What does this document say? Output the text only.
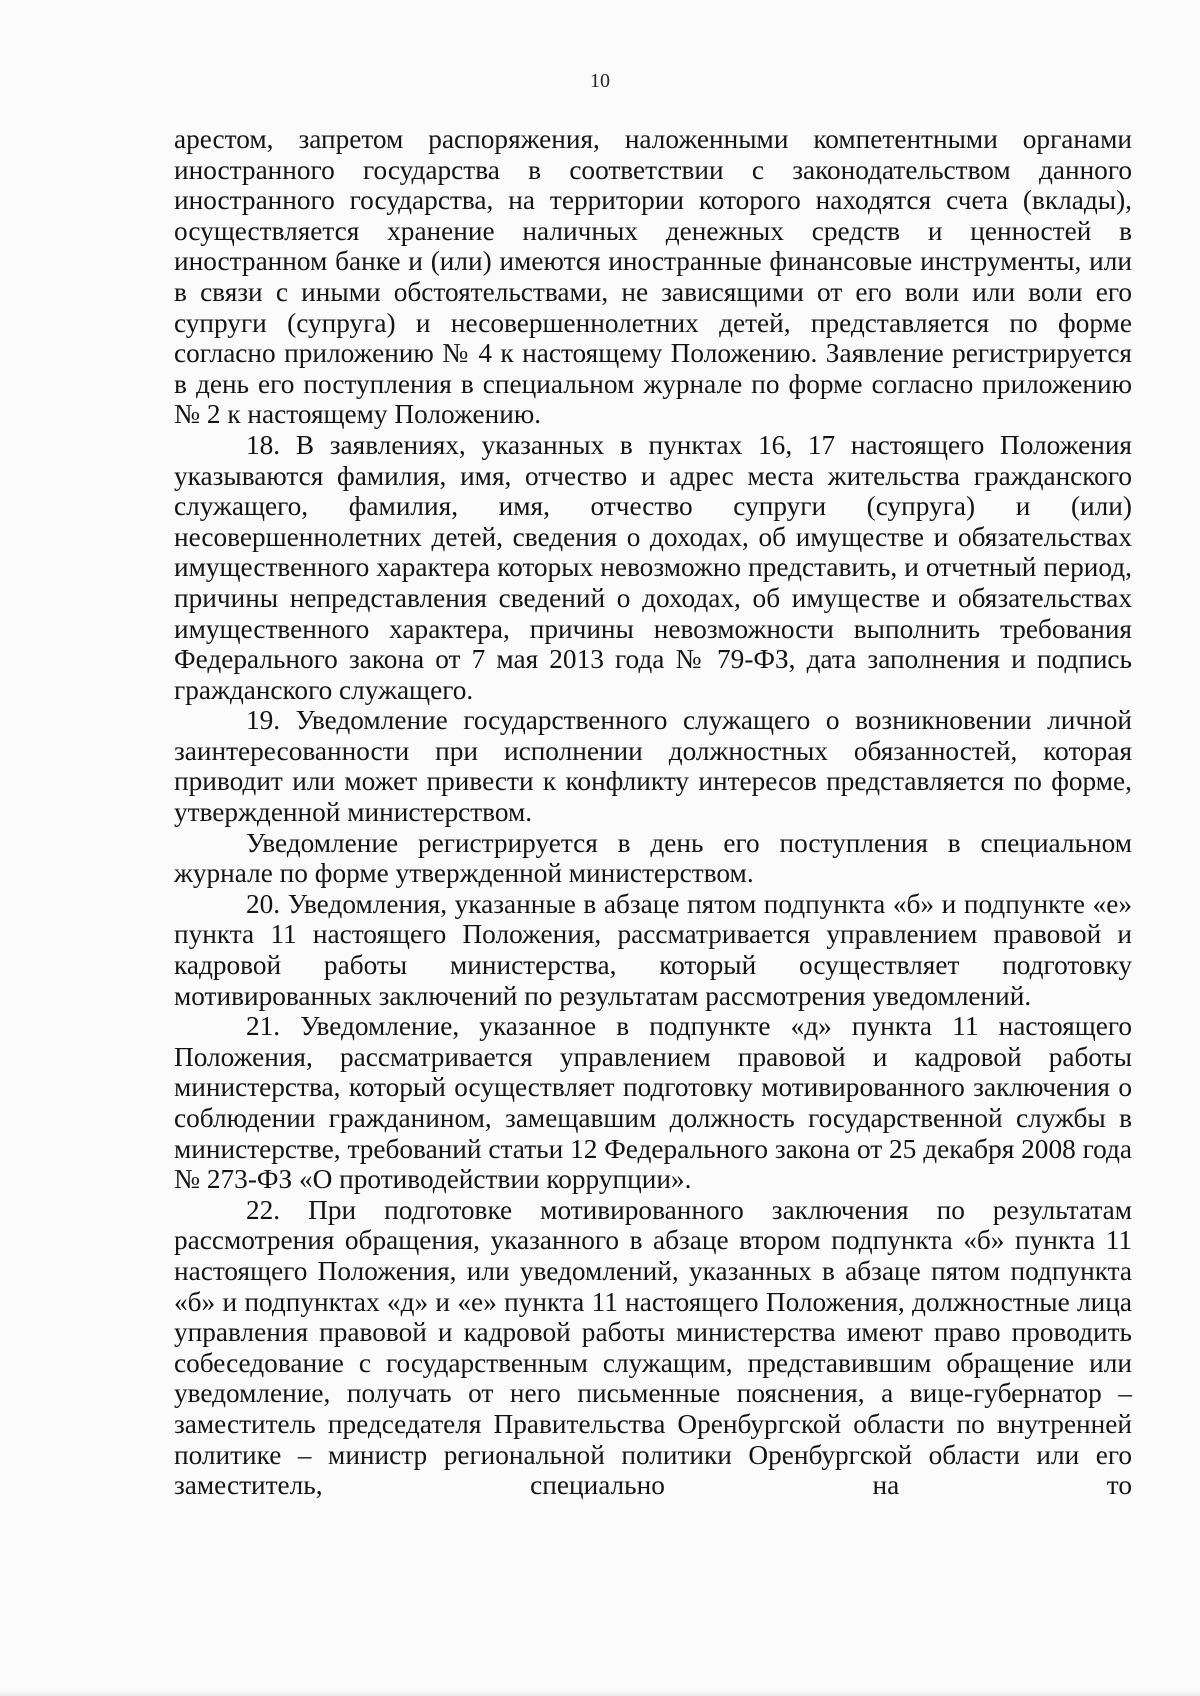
10

арестом, запретом распоряжения, наложенными компетентными органами иностранного государства в соответствии с законодательством данного иностранного государства, на территории которого находятся счета (вклады), осуществляется хранение наличных денежных средств и ценностей в иностранном банке и (или) имеются иностранные финансовые инструменты, или в связи с иными обстоятельствами, не зависящими от его воли или воли его супруги (супруга) и несовершеннолетних детей, представляется по форме согласно приложению № 4 к настоящему Положению. Заявление регистрируется в день его поступления в специальном журнале по форме согласно приложению № 2 к настоящему Положению.

18. В заявлениях, указанных в пунктах 16, 17 настоящего Положения указываются фамилия, имя, отчество и адрес места жительства гражданского служащего, фамилия, имя, отчество супруги (супруга) и (или) несовершеннолетних детей, сведения о доходах, об имуществе и обязательствах имущественного характера которых невозможно представить, и отчетный период, причины непредставления сведений о доходах, об имуществе и обязательствах имущественного характера, причины невозможности выполнить требования Федерального закона от 7 мая 2013 года № 79-ФЗ, дата заполнения и подпись гражданского служащего.

19. Уведомление государственного служащего о возникновении личной заинтересованности при исполнении должностных обязанностей, которая приводит или может привести к конфликту интересов представляется по форме, утвержденной министерством.

Уведомление регистрируется в день его поступления в специальном журнале по форме утвержденной министерством.

20. Уведомления, указанные в абзаце пятом подпункта «б» и подпункте «е» пункта 11 настоящего Положения, рассматривается управлением правовой и кадровой работы министерства, который осуществляет подготовку мотивированных заключений по результатам рассмотрения уведомлений.

21. Уведомление, указанное в подпункте «д» пункта 11 настоящего Положения, рассматривается управлением правовой и кадровой работы министерства, который осуществляет подготовку мотивированного заключения о соблюдении гражданином, замещавшим должность государственной службы в министерстве, требований статьи 12 Федерального закона от 25 декабря 2008 года № 273-ФЗ «О противодействии коррупции».

22. При подготовке мотивированного заключения по результатам рассмотрения обращения, указанного в абзаце втором подпункта «б» пункта 11 настоящего Положения, или уведомлений, указанных в абзаце пятом подпункта «б» и подпунктах «д» и «е» пункта 11 настоящего Положения, должностные лица управления правовой и кадровой работы министерства имеют право проводить собеседование с государственным служащим, представившим обращение или уведомление, получать от него письменные пояснения, а вице-губернатор – заместитель председателя Правительства Оренбургской области по внутренней политике – министр региональной политики Оренбургской области или его заместитель, специально на то
